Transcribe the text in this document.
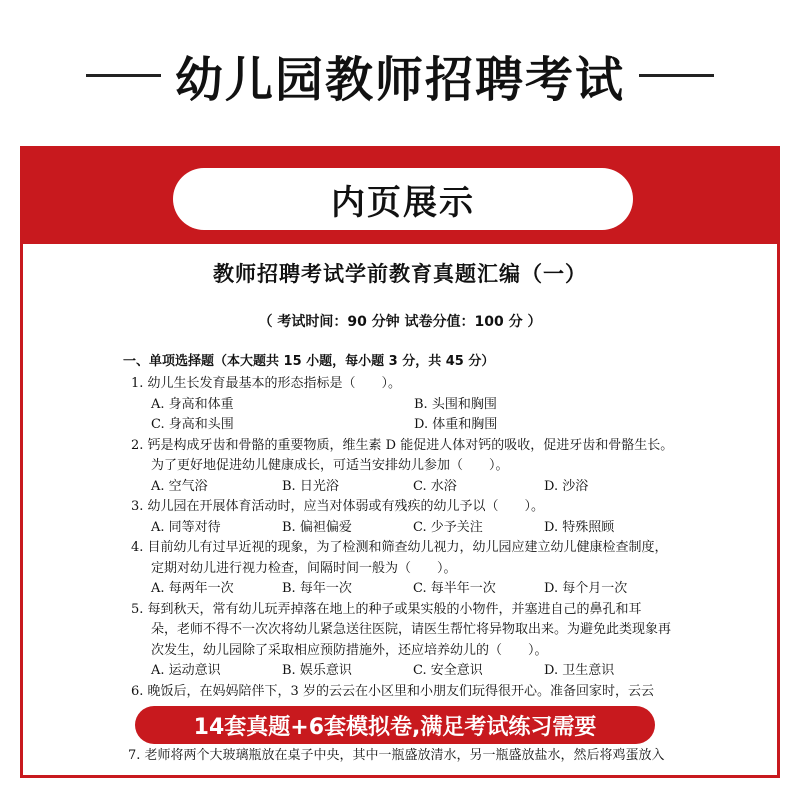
幼儿园教师招聘考试
内页展示
教师招聘考试学前教育真题汇编（一）
（ 考试时间：90 分钟 试卷分值：100 分 ）
一、单项选择题（本大题共 15 小题，每小题 3 分，共 45 分）
1. 幼儿生长发育最基本的形态指标是（　　）。
A. 身高和体重	B. 头围和胸围
C. 身高和头围	D. 体重和胸围
2. 钙是构成牙齿和骨骼的重要物质，维生素 D 能促进人体对钙的吸收，促进牙齿和骨骼生长。
为了更好地促进幼儿健康成长，可适当安排幼儿参加（　　）。
A. 空气浴	B. 日光浴	C. 水浴	D. 沙浴
3. 幼儿园在开展体育活动时，应当对体弱或有残疾的幼儿予以（　　）。
A. 同等对待	B. 偏袒偏爱	C. 少予关注	D. 特殊照顾
4. 目前幼儿有过早近视的现象，为了检测和筛查幼儿视力，幼儿园应建立幼儿健康检查制度，
定期对幼儿进行视力检查，间隔时间一般为（　　）。
A. 每两年一次	B. 每年一次	C. 每半年一次	D. 每个月一次
5. 每到秋天，常有幼儿玩弄掉落在地上的种子或果实般的小物件，并塞进自己的鼻孔和耳
朵，老师不得不一次次将幼儿紧急送往医院，请医生帮忙将异物取出来。为避免此类现象再
次发生，幼儿园除了采取相应预防措施外，还应培养幼儿的（　　）。
A. 运动意识	B. 娱乐意识	C. 安全意识	D. 卫生意识
6. 晚饭后，在妈妈陪伴下，3 岁的云云在小区里和小朋友们玩得很开心。准备回家时，云云
14套真题+6套模拟卷,满足考试练习需要
7. 老师将两个大玻璃瓶放在桌子中央，其中一瓶盛放清水，另一瓶盛放盐水，然后将鸡蛋放入
